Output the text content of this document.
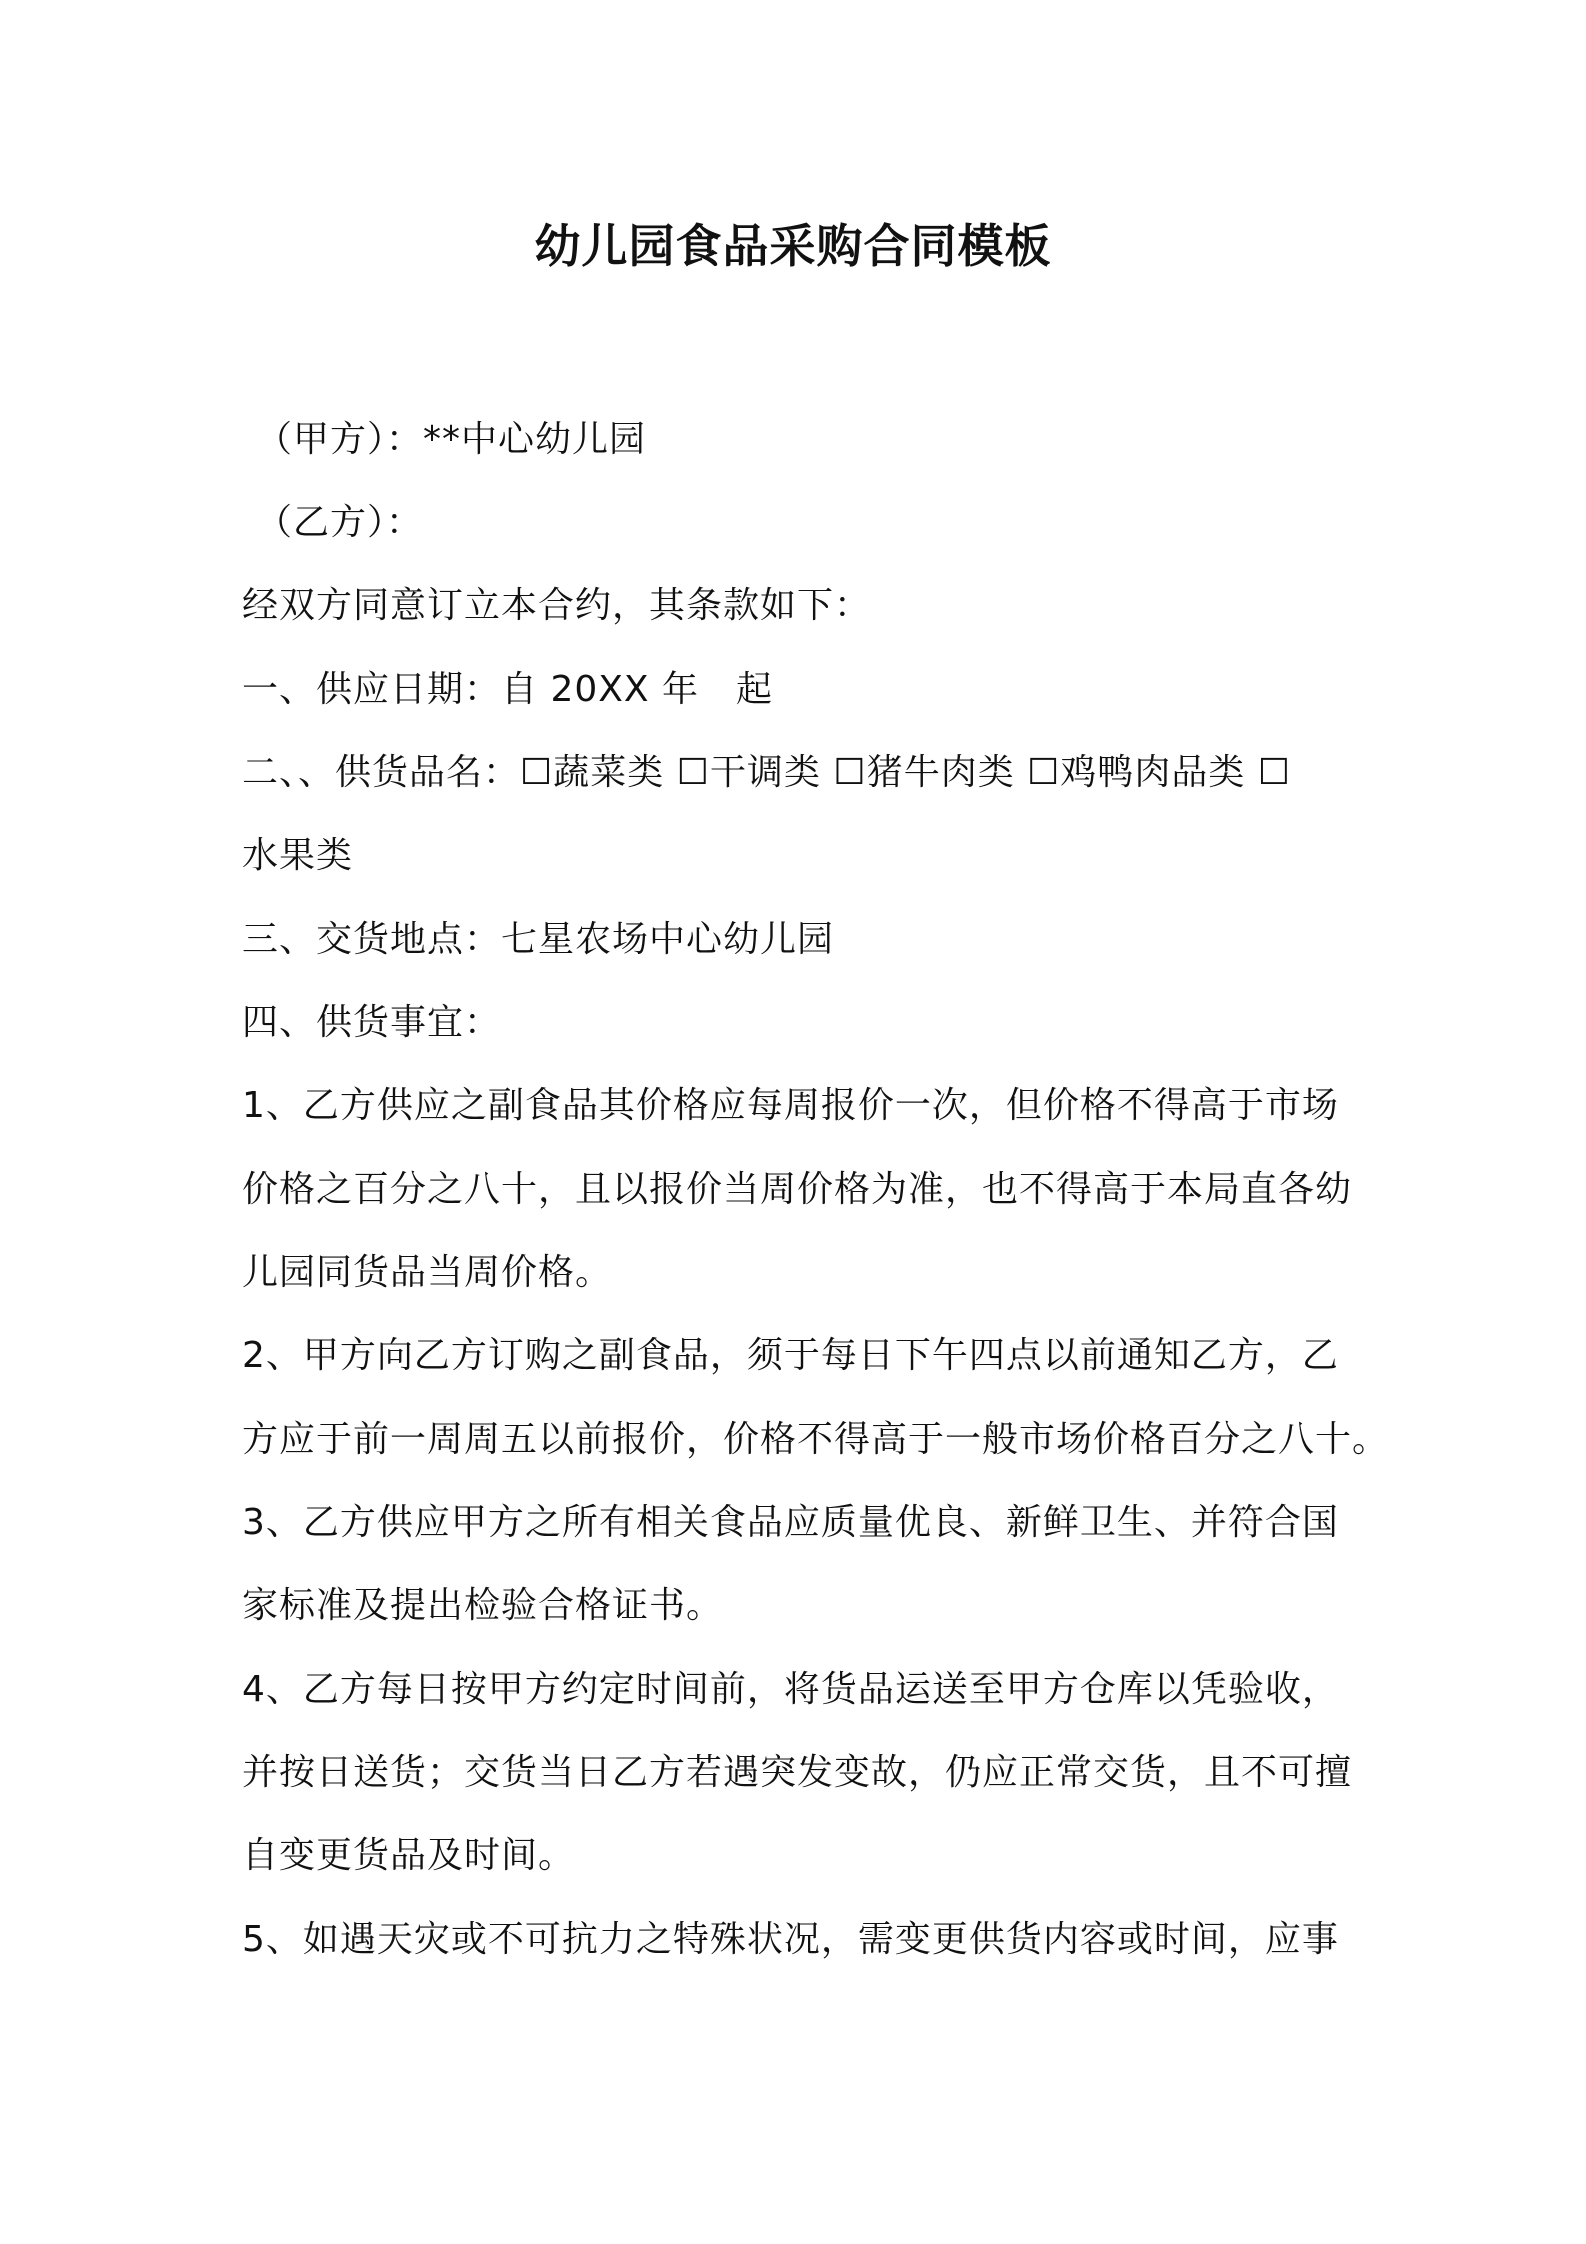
幼儿园食品采购合同模板
（甲方）：**中心幼儿园
（乙方）：
经双方同意订立本合约，其条款如下：
一、供应日期：自 20XX 年　起
二、、供货品名：☐蔬菜类 ☐干调类 ☐猪牛肉类 ☐鸡鸭肉品类 ☐
水果类
三、交货地点：七星农场中心幼儿园
四、供货事宜：
1、乙方供应之副食品其价格应每周报价一次，但价格不得高于市场
价格之百分之八十，且以报价当周价格为准，也不得高于本局直各幼
儿园同货品当周价格。
2、甲方向乙方订购之副食品，须于每日下午四点以前通知乙方，乙
方应于前一周周五以前报价，价格不得高于一般市场价格百分之八十。
3、乙方供应甲方之所有相关食品应质量优良、新鲜卫生、并符合国
家标准及提出检验合格证书。
4、乙方每日按甲方约定时间前，将货品运送至甲方仓库以凭验收，
并按日送货；交货当日乙方若遇突发变故，仍应正常交货，且不可擅
自变更货品及时间。
5、如遇天灾或不可抗力之特殊状况，需变更供货内容或时间，应事
